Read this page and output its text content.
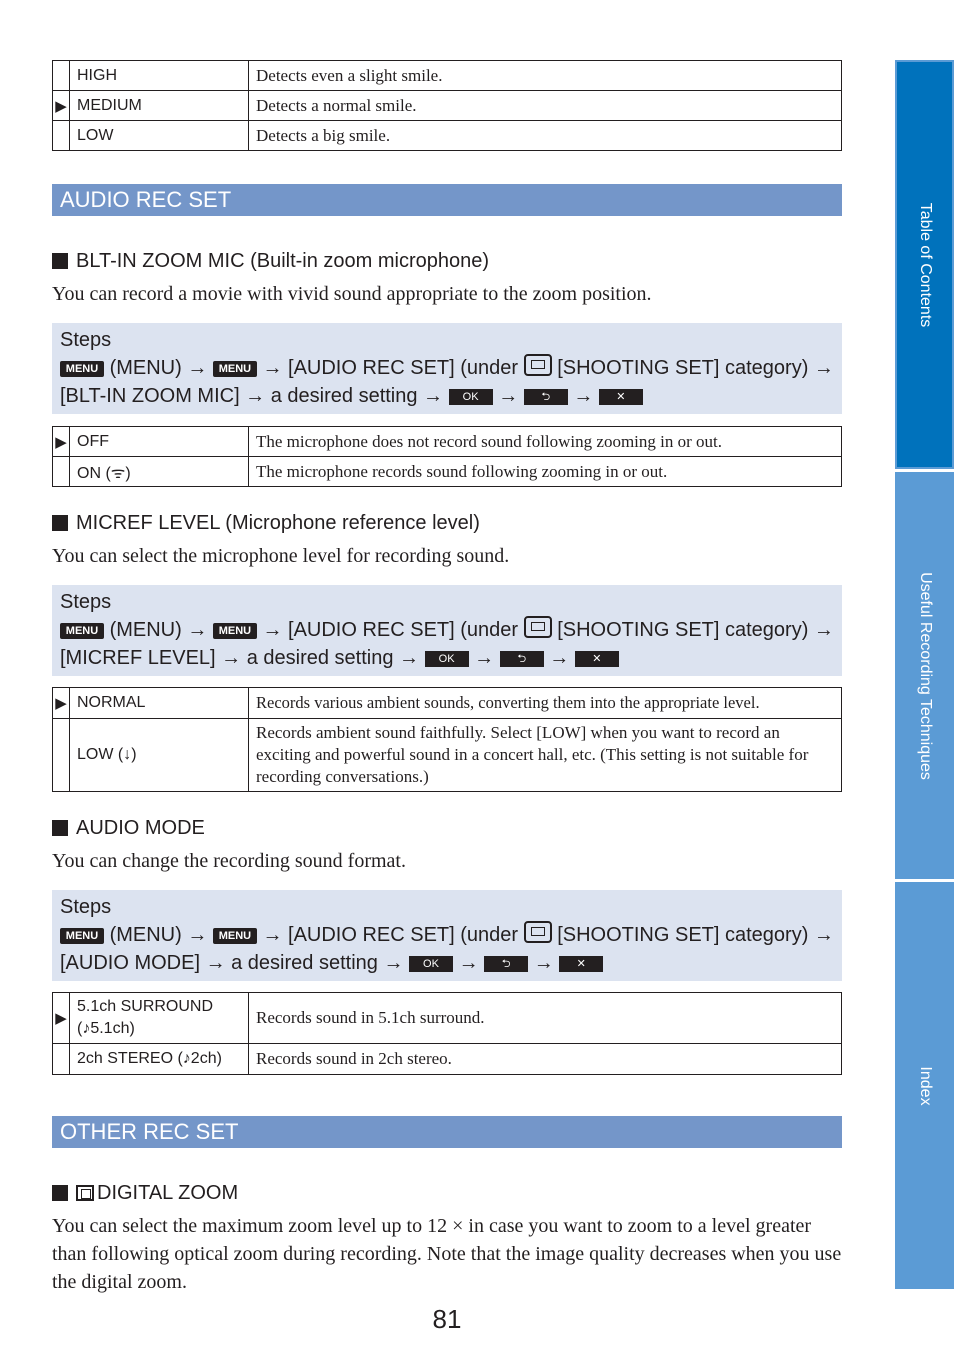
	HIGH	Detects even a slight smile.
▶	MEDIUM	Detects a normal smile.
	LOW	Detects a big smile.
AUDIO REC SET
BLT-IN ZOOM MIC (Built-in zoom microphone)
You can record a movie with vivid sound appropriate to the zoom position.
Steps
MENU (MENU) → MENU → [AUDIO REC SET] (under [SHOOTING SET] category) →
[BLT-IN ZOOM MIC] → a desired setting → OK → ⮌ → ✕
▶	OFF	The microphone does not record sound following zooming in or out.
	ON (ᯤ)	The microphone records sound following zooming in or out.
MICREF LEVEL (Microphone reference level)
You can select the microphone level for recording sound.
Steps
MENU (MENU) → MENU → [AUDIO REC SET] (under [SHOOTING SET] category) →
[MICREF LEVEL] → a desired setting → OK → ⮌ → ✕
▶	NORMAL	Records various ambient sounds, converting them into the appropriate level.
	LOW (↓)	Records ambient sound faithfully. Select [LOW] when you want to record an exciting and powerful sound in a concert hall, etc. (This setting is not suitable for recording conversations.)
AUDIO MODE
You can change the recording sound format.
Steps
MENU (MENU) → MENU → [AUDIO REC SET] (under [SHOOTING SET] category) →
[AUDIO MODE] → a desired setting → OK → ⮌ → ✕
▶	5.1ch SURROUND (♪5.1ch)	Records sound in 5.1ch surround.
	2ch STEREO (♪2ch)	Records sound in 2ch stereo.
OTHER REC SET
DIGITAL ZOOM
You can select the maximum zoom level up to 12 × in case you want to zoom to a level greater than following optical zoom during recording. Note that the image quality decreases when you use the digital zoom.
81
Table of Contents
Useful Recording Techniques
Index
